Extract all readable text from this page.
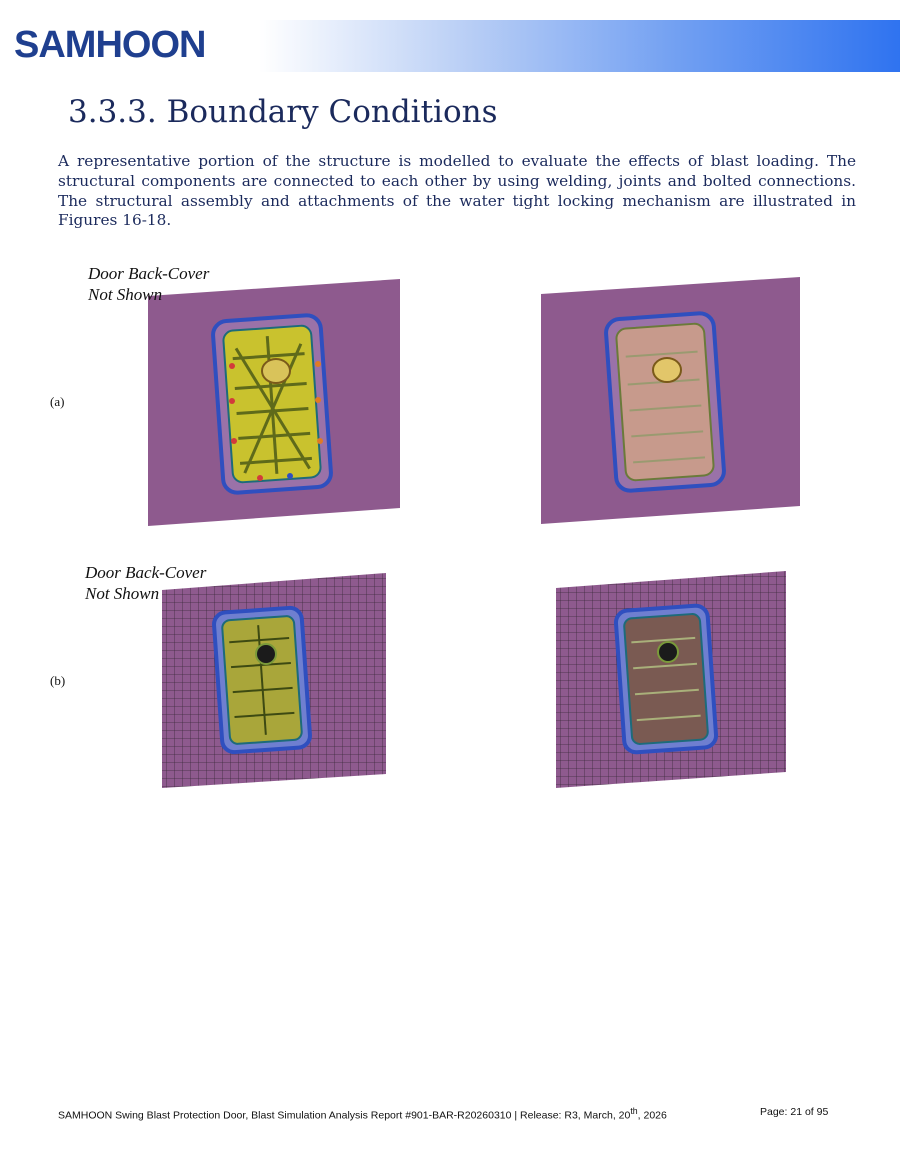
SAMHOON
3.3.3. Boundary Conditions

A representative portion of the structure is modelled to evaluate the effects of blast loading. The structural components are connected to each other by using welding, joints and bolted connections. The structural assembly and attachments of the water tight locking mechanism are illustrated in Figures 16-18.

Door Back-Cover
Not Shown
(a)
Door Back-Cover
Not Shown
(b)
SAMHOON Swing Blast Protection Door, Blast Simulation Analysis Report #901-BAR-R20260310 | Release: R3, March, 20th, 2026	Page: 21 of 95
